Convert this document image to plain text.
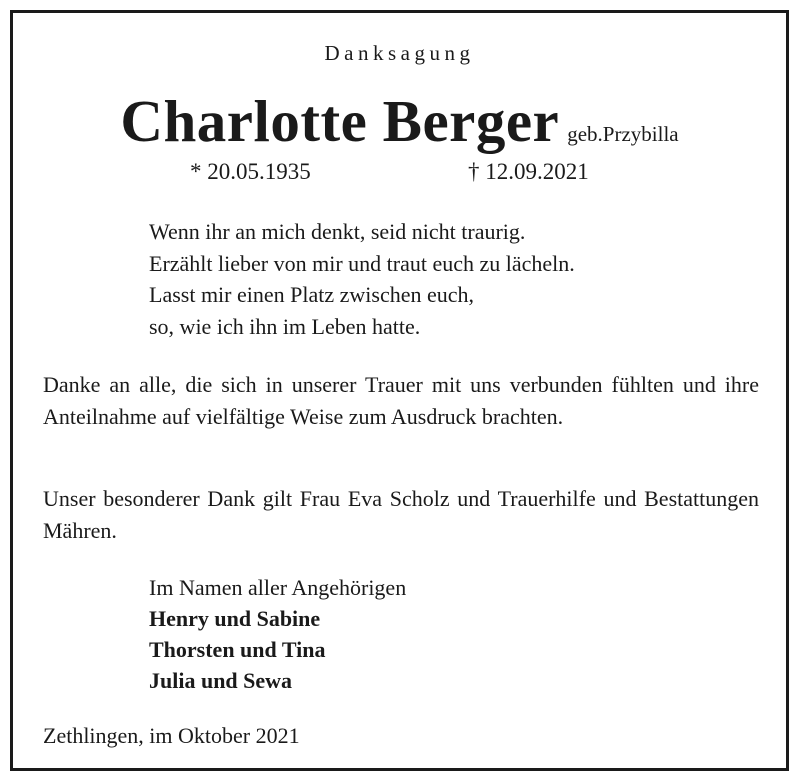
Danksagung
Charlotte Berger geb.Przybilla
* 20.05.1935	† 12.09.2021
Wenn ihr an mich denkt, seid nicht traurig.
Erzählt lieber von mir und traut euch zu lächeln.
Lasst mir einen Platz zwischen euch,
so, wie ich ihn im Leben hatte.
Danke an alle, die sich in unserer Trauer mit uns verbunden fühlten und ihre Anteilnahme auf vielfältige Weise zum Ausdruck brachten.
Unser besonderer Dank gilt Frau Eva Scholz und Trauerhilfe und Bestattungen Mähren.
Im Namen aller Angehörigen
Henry und Sabine
Thorsten und Tina
Julia und Sewa
Zethlingen, im Oktober 2021
